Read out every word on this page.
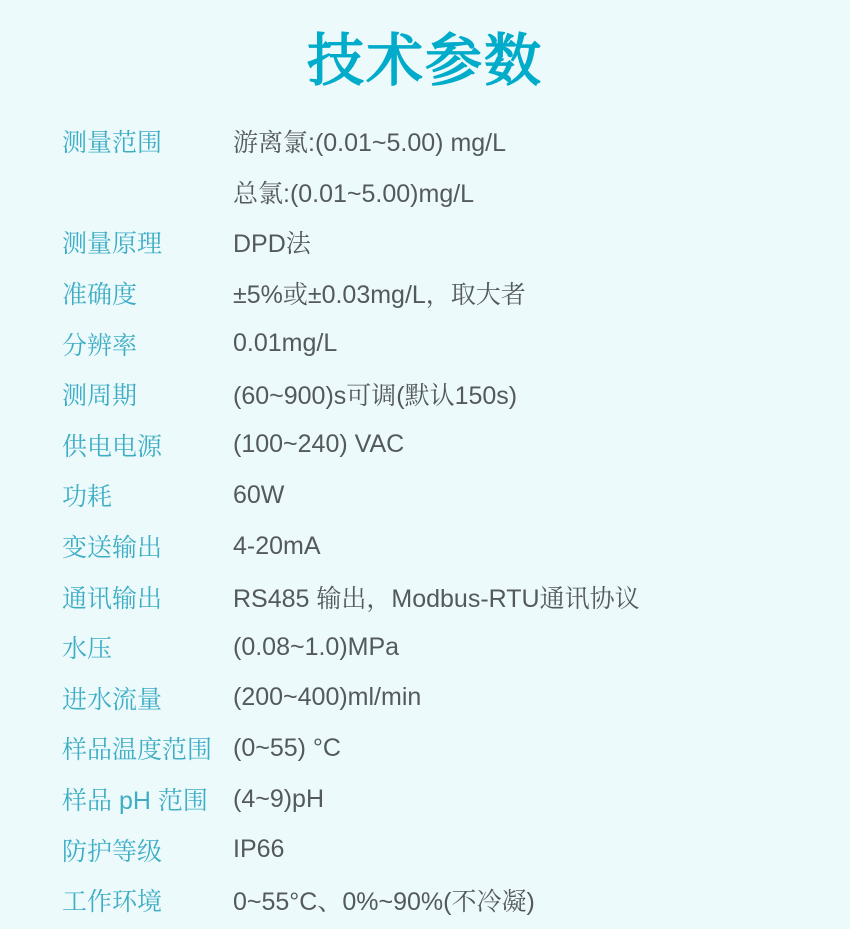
技术参数
测量范围	游离氯:(0.01~5.00) mg/L
总氯:(0.01~5.00)mg/L
测量原理	DPD法
准确度	±5%或±0.03mg/L，取大者
分辨率	0.01mg/L
测周期	(60~900)s可调(默认150s)
供电电源	(100~240) VAC
功耗	60W
变送输出	4-20mA
通讯输出	RS485 输出，Modbus-RTU通讯协议
水压	(0.08~1.0)MPa
进水流量	(200~400)ml/min
样品温度范围 (0~55) °C
样品 pH 范围	(4~9)pH
防护等级	IP66
工作环境	0~55°C、0%~90%(不冷凝)
